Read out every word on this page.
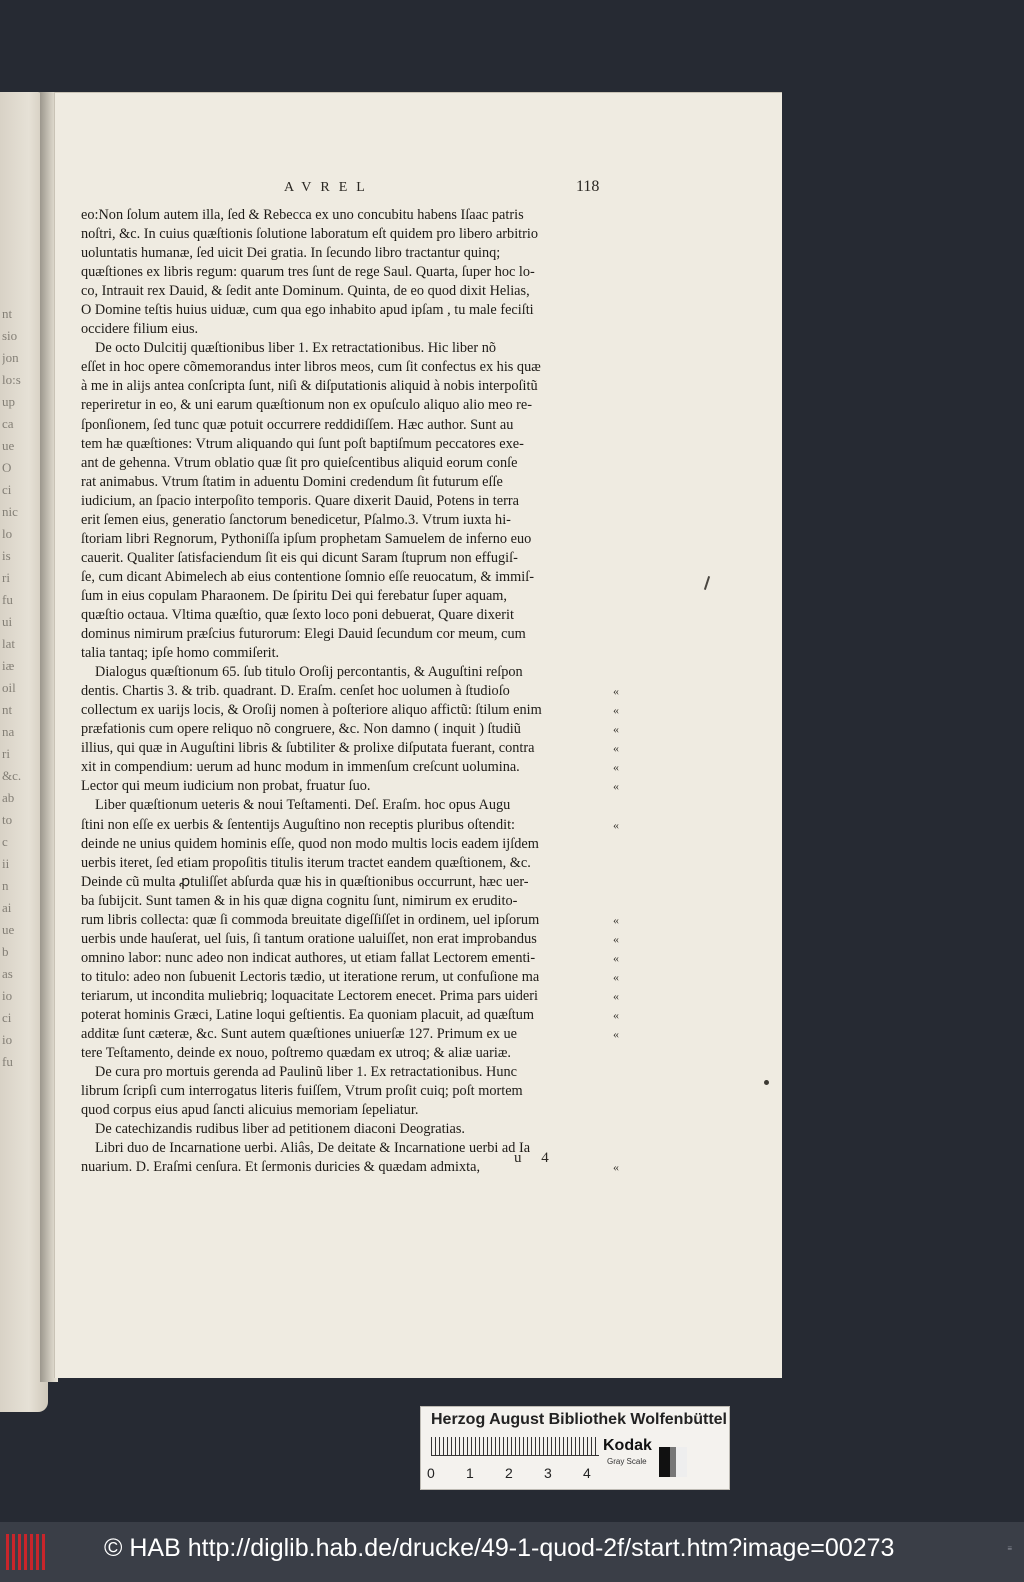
nt
sio
jon
lo:s
up
ca
ue
O
ci
nic
lo
is
ri
fu
ui
lat
iæ
oil
nt
na
ri
&c.
ab
to
c
ii
n
ai
ue
b
as
io
ci
io
fu
AVREL	118
eo:Non ſolum autem illa, ſed & Rebecca ex uno concubitu habens Iſaac patris
noſtri, &c. In cuius quæſtionis ſolutione laboratum eſt quidem pro libero arbitrio
uoluntatis humanæ, ſed uicit Dei gratia. In ſecundo libro tractantur quinq;
quæſtiones ex libris regum: quarum tres ſunt de rege Saul. Quarta, ſuper hoc lo-
co, Intrauit rex Dauid, & ſedit ante Dominum. Quinta, de eo quod dixit Helias,
O Domine teſtis huius uiduæ, cum qua ego inhabito apud ipſam , tu male feciſti
occidere filium eius.
De octo Dulcitij quæſtionibus liber 1. Ex retractationibus. Hic liber nõ
eſſet in hoc opere cõmemorandus inter libros meos, cum ſit confectus ex his quæ
à me in alijs antea conſcripta ſunt, niſi & diſputationis aliquid à nobis interpoſitũ
reperiretur in eo, & uni earum quæſtionum non ex opuſculo aliquo alio meo re-
ſponſionem, ſed tunc quæ potuit occurrere reddidiſſem. Hæc author. Sunt au
tem hæ quæſtiones: Vtrum aliquando qui ſunt poſt baptiſmum peccatores exe-
ant de gehenna. Vtrum oblatio quæ ſit pro quieſcentibus aliquid eorum conſe
rat animabus. Vtrum ſtatim in aduentu Domini credendum ſit futurum eſſe
iudicium, an ſpacio interpoſito temporis. Quare dixerit Dauid, Potens in terra
erit ſemen eius, generatio ſanctorum benedicetur, Pſalmo.3. Vtrum iuxta hi-
ſtoriam libri Regnorum, Pythoniſſa ipſum prophetam Samuelem de inferno euo
cauerit. Qualiter ſatisfaciendum ſit eis qui dicunt Saram ſtuprum non effugiſ-
ſe, cum dicant Abimelech ab eius contentione ſomnio eſſe reuocatum, & immiſ-
ſum in eius copulam Pharaonem. De ſpiritu Dei qui ferebatur ſuper aquam,
quæſtio octaua. Vltima quæſtio, quæ ſexto loco poni debuerat, Quare dixerit
dominus nimirum præſcius futurorum: Elegi Dauid ſecundum cor meum, cum
talia tantaq; ipſe homo commiſerit.
Dialogus quæſtionum 65. ſub titulo Oroſij percontantis, & Auguſtini reſpon
dentis. Chartis 3. & trib. quadrant. D. Eraſm. cenſet hoc uolumen à ſtudioſo
collectum ex uarijs locis, & Oroſij nomen à poſteriore aliquo affictũ: ſtilum enim
præfationis cum opere reliquo nõ congruere, &c. Non damno ( inquit ) ſtudiũ
illius, qui quæ in Auguſtini libris & ſubtiliter & prolixe diſputata fuerant, contra
xit in compendium: uerum ad hunc modum in immenſum creſcunt uolumina.
Lector qui meum iudicium non probat, fruatur ſuo.
Liber quæſtionum ueteris & noui Teſtamenti. Deſ. Eraſm. hoc opus Augu
ſtini non eſſe ex uerbis & ſententijs Auguſtino non receptis pluribus oſtendit:
deinde ne unius quidem hominis eſſe, quod non modo multis locis eadem ijſdem
uerbis iteret, ſed etiam propoſitis titulis iterum tractet eandem quæſtionem, &c.
Deinde cũ multa ꝓtuliſſet abſurda quæ his in quæſtionibus occurrunt, hæc uer-
ba ſubijcit. Sunt tamen & in his quæ digna cognitu ſunt, nimirum ex erudito-
rum libris collecta: quæ ſi commoda breuitate digeſſiſſet in ordinem, uel ipſorum
uerbis unde hauſerat, uel ſuis, ſi tantum oratione ualuiſſet, non erat improbandus
omnino labor: nunc adeo non indicat authores, ut etiam fallat Lectorem ementi-
to titulo: adeo non ſubuenit Lectoris tædio, ut iteratione rerum, ut confuſione ma
teriarum, ut incondita muliebriq; loquacitate Lectorem enecet. Prima pars uideri
poterat hominis Græci, Latine loqui geſtientis. Ea quoniam placuit, ad quæſtum
additæ ſunt cæteræ, &c. Sunt autem quæſtiones uniuerſæ 127. Primum ex ue
tere Teſtamento, deinde ex nouo, poſtremo quædam ex utroq; & aliæ uariæ.
De cura pro mortuis gerenda ad Paulinũ liber 1. Ex retractationibus. Hunc
librum ſcripſi cum interrogatus literis fuiſſem, Vtrum proſit cuiq; poſt mortem
quod corpus eius apud ſancti alicuius memoriam ſepeliatur.
De catechizandis rudibus liber ad petitionem diaconi Deogratias.
Libri duo de Incarnatione uerbi. Aliâs, De deitate & Incarnatione uerbi ad Ia
nuarium. D. Eraſmi cenſura. Et ſermonis duricies & quædam admixta,
«
«
«
«
«
«
«
«
«
«
«
«
«
«
«
u 4
Herzog August Bibliothek Wolfenbüttel
0 1 2 3 4
Kodak
Gray Scale
© HAB http://diglib.hab.de/drucke/49-1-quod-2f/start.htm?image=00273	≡
